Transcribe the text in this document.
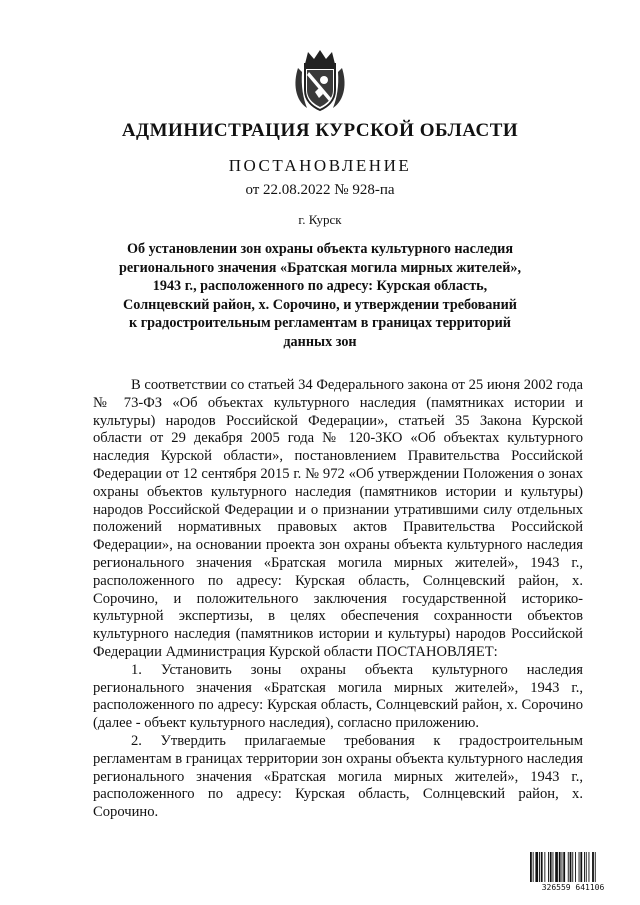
АДМИНИСТРАЦИЯ КУРСКОЙ ОБЛАСТИ
ПОСТАНОВЛЕНИЕ
от 22.08.2022 № 928-па
г. Курск
Об установлении зон охраны объекта культурного наследия
регионального значения «Братская могила мирных жителей»,
1943 г., расположенного по адресу: Курская область,
Солнцевский район, х. Сорочино, и утверждении требований
к градостроительным регламентам в границах территорий
данных зон

В соответствии со статьей 34 Федерального закона от 25 июня 2002 года № 73-ФЗ «Об объектах культурного наследия (памятниках истории и культуры) народов Российской Федерации», статьей 35 Закона Курской области от 29 декабря 2005 года № 120-ЗКО «Об объектах культурного наследия Курской области», постановлением Правительства Российской Федерации от 12 сентября 2015 г. № 972 «Об утверждении Положения о зонах охраны объектов культурного наследия (памятников истории и культуры) народов Российской Федерации и о признании утратившими силу отдельных положений нормативных правовых актов Правительства Российской Федерации», на основании проекта зон охраны объекта культурного наследия регионального значения «Братская могила мирных жителей», 1943 г., расположенного по адресу: Курская область, Солнцевский район, х. Сорочино, и положительного заключения государственной историко-культурной экспертизы, в целях обеспечения сохранности объектов культурного наследия (памятников истории и культуры) народов Российской Федерации Администрация Курской области ПОСТАНОВЛЯЕТ:

1. Установить зоны охраны объекта культурного наследия регионального значения «Братская могила мирных жителей», 1943 г., расположенного по адресу: Курская область, Солнцевский район, х. Сорочино (далее - объект культурного наследия), согласно приложению.

2. Утвердить прилагаемые требования к градостроительным регламентам в границах территории зон охраны объекта культурного наследия регионального значения «Братская могила мирных жителей», 1943 г., расположенного по адресу: Курская область, Солнцевский район, х. Сорочино.

326559 641106
